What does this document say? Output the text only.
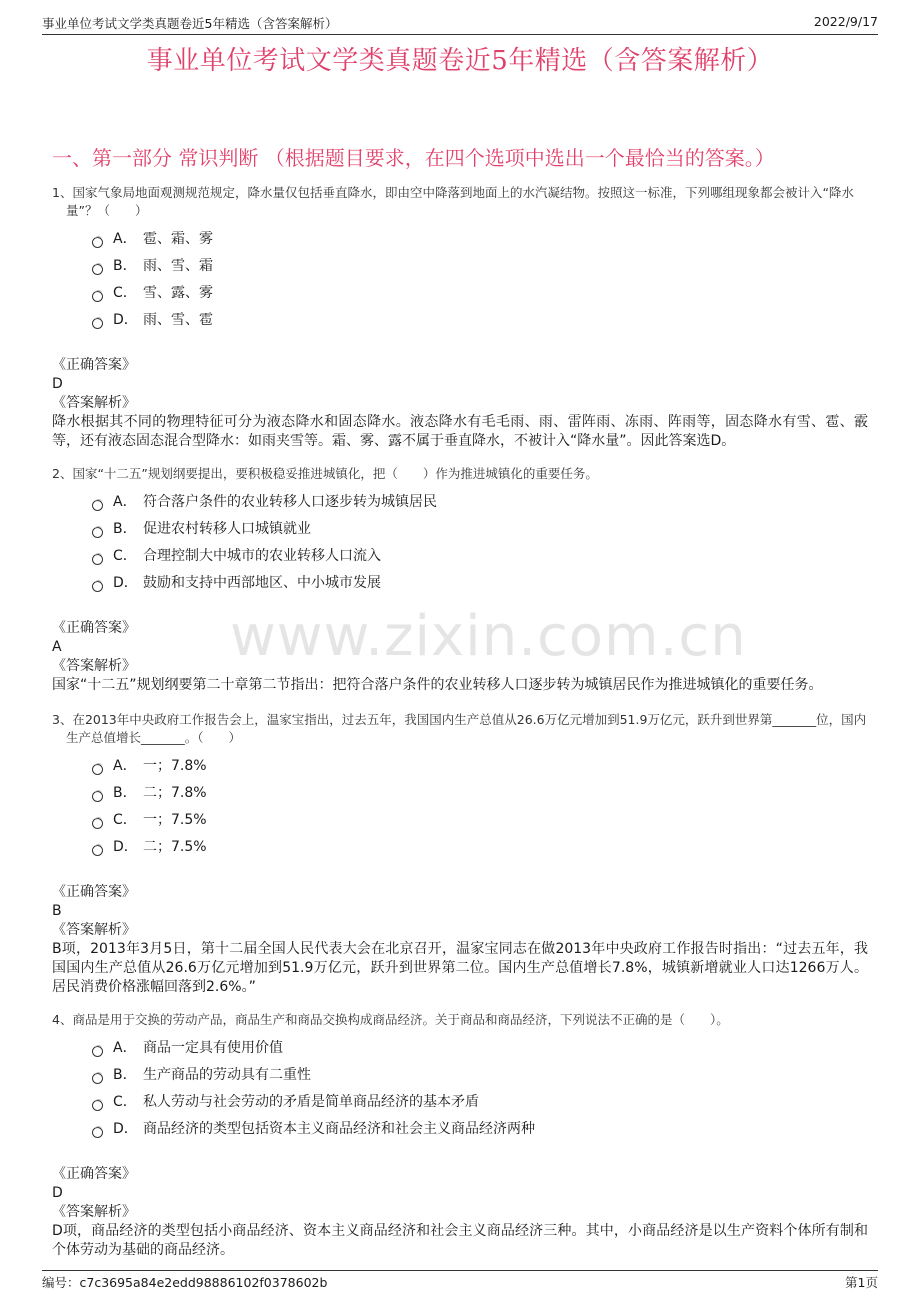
事业单位考试文学类真题卷近5年精选（含答案解析）	2022/9/17
事业单位考试文学类真题卷近5年精选（含答案解析）
一、第一部分 常识判断 （根据题目要求，在四个选项中选出一个最恰当的答案。）
1、国家气象局地面观测规范规定，降水量仅包括垂直降水，即由空中降落到地面上的水汽凝结物。按照这一标准，下列哪组现象都会被计入“降水量”？（　　）
A． 雹、霜、雾
B． 雨、雪、霜
C． 雪、露、雾
D． 雨、雪、雹
《正确答案》
D
《答案解析》
降水根据其不同的物理特征可分为液态降水和固态降水。液态降水有毛毛雨、雨、雷阵雨、冻雨、阵雨等，固态降水有雪、雹、霰等，还有液态固态混合型降水：如雨夹雪等。霜、雾、露不属于垂直降水，不被计入“降水量”。因此答案选D。
2、国家“十二五”规划纲要提出，要积极稳妥推进城镇化，把（　　）作为推进城镇化的重要任务。
A． 符合落户条件的农业转移人口逐步转为城镇居民
B． 促进农村转移人口城镇就业
C． 合理控制大中城市的农业转移人口流入
D． 鼓励和支持中西部地区、中小城市发展
《正确答案》
A
《答案解析》
国家“十二五”规划纲要第二十章第二节指出：把符合落户条件的农业转移人口逐步转为城镇居民作为推进城镇化的重要任务。
3、在2013年中央政府工作报告会上，温家宝指出，过去五年，我国国内生产总值从26.6万亿元增加到51.9万亿元，跃升到世界第_______位，国内生产总值增长_______。（　　）
A． 一；7.8%
B． 二；7.8%
C． 一；7.5%
D． 二；7.5%
《正确答案》
B
《答案解析》
B项，2013年3月5日，第十二届全国人民代表大会在北京召开，温家宝同志在做2013年中央政府工作报告时指出：“过去五年，我国国内生产总值从26.6万亿元增加到51.9万亿元，跃升到世界第二位。国内生产总值增长7.8%，城镇新增就业人口达1266万人。居民消费价格涨幅回落到2.6%。”
4、商品是用于交换的劳动产品，商品生产和商品交换构成商品经济。关于商品和商品经济，下列说法不正确的是（　　）。
A． 商品一定具有使用价值
B． 生产商品的劳动具有二重性
C． 私人劳动与社会劳动的矛盾是简单商品经济的基本矛盾
D． 商品经济的类型包括资本主义商品经济和社会主义商品经济两种
《正确答案》
D
《答案解析》
D项，商品经济的类型包括小商品经济、资本主义商品经济和社会主义商品经济三种。其中，小商品经济是以生产资料个体所有制和个体劳动为基础的商品经济。
www.zixin.com.cn
编号：c7c3695a84e2edd98886102f0378602b	第1页
